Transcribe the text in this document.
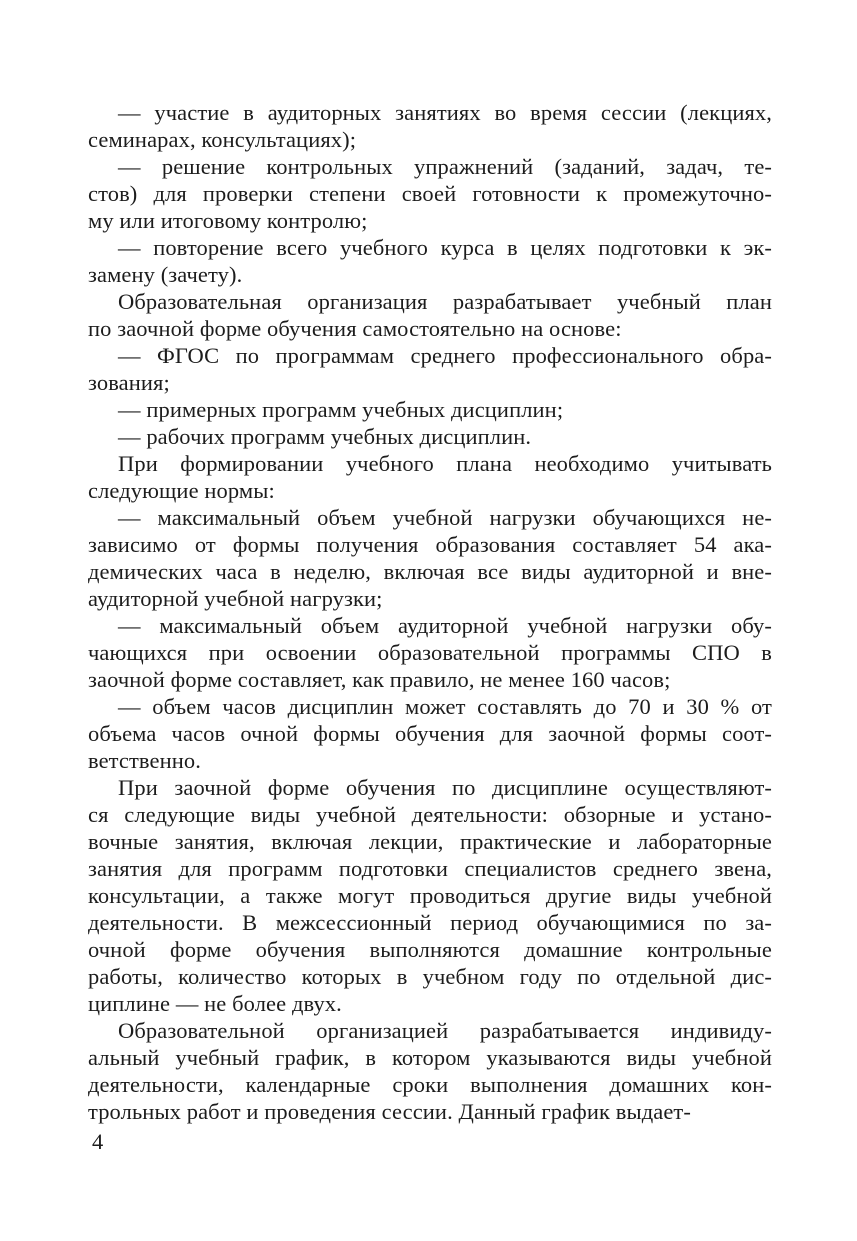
— участие в аудиторных занятиях во время сессии (лекциях,
семинарах, консультациях);
— решение контрольных упражнений (заданий, задач, те-
стов) для проверки степени своей готовности к промежуточно-
му или итоговому контролю;
— повторение всего учебного курса в целях подготовки к эк-
замену (зачету).
Образовательная организация разрабатывает учебный план
по заочной форме обучения самостоятельно на основе:
— ФГОС по программам среднего профессионального обра-
зования;
— примерных программ учебных дисциплин;
— рабочих программ учебных дисциплин.
При формировании учебного плана необходимо учитывать
следующие нормы:
— максимальный объем учебной нагрузки обучающихся не-
зависимо от формы получения образования составляет 54 ака-
демических часа в неделю, включая все виды аудиторной и вне-
аудиторной учебной нагрузки;
— максимальный объем аудиторной учебной нагрузки обу-
чающихся при освоении образовательной программы СПО в
заочной форме составляет, как правило, не менее 160 часов;
— объем часов дисциплин может составлять до 70 и 30 % от
объема часов очной формы обучения для заочной формы соот-
ветственно.
При заочной форме обучения по дисциплине осуществляют-
ся следующие виды учебной деятельности: обзорные и устано-
вочные занятия, включая лекции, практические и лабораторные
занятия для программ подготовки специалистов среднего звена,
консультации, а также могут проводиться другие виды учебной
деятельности. В межсессионный период обучающимися по за-
очной форме обучения выполняются домашние контрольные
работы, количество которых в учебном году по отдельной дис-
циплине — не более двух.
Образовательной организацией разрабатывается индивиду-
альный учебный график, в котором указываются виды учебной
деятельности, календарные сроки выполнения домашних кон-
трольных работ и проведения сессии. Данный график выдает-
4
